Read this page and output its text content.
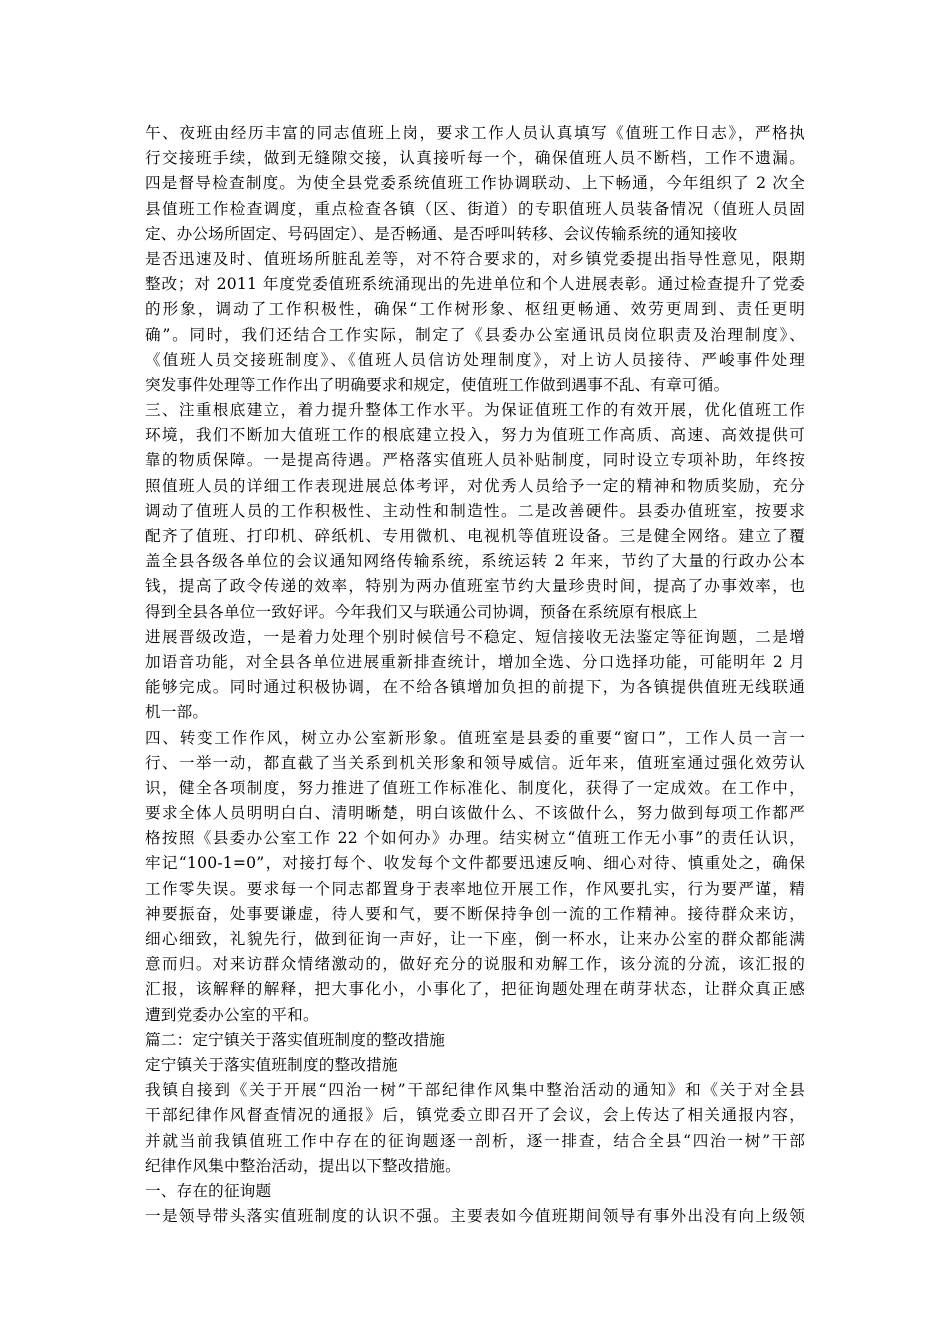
午、夜班由经历丰富的同志值班上岗，要求工作人员认真填写《值班工作日志》，严格执
行交接班手续，做到无缝隙交接，认真接听每一个，确保值班人员不断档，工作不遗漏。
四是督导检查制度。为使全县党委系统值班工作协调联动、上下畅通，今年组织了 2 次全
县值班工作检查调度，重点检查各镇（区、街道）的专职值班人员装备情况（值班人员固
定、办公场所固定、号码固定）、是否畅通、是否呼叫转移、会议传输系统的通知接收
是否迅速及时、值班场所脏乱差等，对不符合要求的，对乡镇党委提出指导性意见，限期
整改；对 2011 年度党委值班系统涌现出的先进单位和个人进展表彰。通过检查提升了党委
的形象，调动了工作积极性，确保“工作树形象、枢纽更畅通、效劳更周到、责任更明
确”。同时，我们还结合工作实际，制定了《县委办公室通讯员岗位职责及治理制度》、
《值班人员交接班制度》、《值班人员信访处理制度》，对上访人员接待、严峻事件处理
突发事件处理等工作作出了明确要求和规定，使值班工作做到遇事不乱、有章可循。
三、注重根底建立，着力提升整体工作水平。为保证值班工作的有效开展，优化值班工作
环境，我们不断加大值班工作的根底建立投入，努力为值班工作高质、高速、高效提供可
靠的物质保障。一是提高待遇。严格落实值班人员补贴制度，同时设立专项补助，年终按
照值班人员的详细工作表现进展总体考评，对优秀人员给予一定的精神和物质奖励，充分
调动了值班人员的工作积极性、主动性和制造性。二是改善硬件。县委办值班室，按要求
配齐了值班、打印机、碎纸机、专用微机、电视机等值班设备。三是健全网络。建立了覆
盖全县各级各单位的会议通知网络传输系统，系统运转 2 年来，节约了大量的行政办公本
钱，提高了政令传递的效率，特别为两办值班室节约大量珍贵时间，提高了办事效率，也
得到全县各单位一致好评。今年我们又与联通公司协调，预备在系统原有根底上
进展晋级改造，一是着力处理个别时候信号不稳定、短信接收无法鉴定等征询题，二是增
加语音功能，对全县各单位进展重新排查统计，增加全选、分口选择功能，可能明年 2 月
能够完成。同时通过积极协调，在不给各镇增加负担的前提下，为各镇提供值班无线联通
机一部。
四、转变工作作风，树立办公室新形象。值班室是县委的重要“窗口”，工作人员一言一
行、一举一动，都直截了当关系到机关形象和领导威信。近年来，值班室通过强化效劳认
识，健全各项制度，努力推进了值班工作标准化、制度化，获得了一定成效。在工作中，
要求全体人员明明白白、清明晰楚，明白该做什么、不该做什么，努力做到每项工作都严
格按照《县委办公室工作 22 个如何办》办理。结实树立“值班工作无小事”的责任认识，
牢记“100-1=0”，对接打每个、收发每个文件都要迅速反响、细心对待、慎重处之，确保
工作零失误。要求每一个同志都置身于表率地位开展工作，作风要扎实，行为要严谨，精
神要振奋，处事要谦虚，待人要和气，要不断保持争创一流的工作精神。接待群众来访，
细心细致，礼貌先行，做到征询一声好，让一下座，倒一杯水，让来办公室的群众都能满
意而归。对来访群众情绪激动的，做好充分的说服和劝解工作，该分流的分流，该汇报的
汇报，该解释的解释，把大事化小，小事化了，把征询题处理在萌芽状态，让群众真正感
遭到党委办公室的平和。
篇二：定宁镇关于落实值班制度的整改措施
定宁镇关于落实值班制度的整改措施
我镇自接到《关于开展“四治一树”干部纪律作风集中整治活动的通知》和《关于对全县
干部纪律作风督查情况的通报》后，镇党委立即召开了会议，会上传达了相关通报内容，
并就当前我镇值班工作中存在的征询题逐一剖析，逐一排查，结合全县“四治一树”干部
纪律作风集中整治活动，提出以下整改措施。
一、存在的征询题
一是领导带头落实值班制度的认识不强。主要表如今值班期间领导有事外出没有向上级领
